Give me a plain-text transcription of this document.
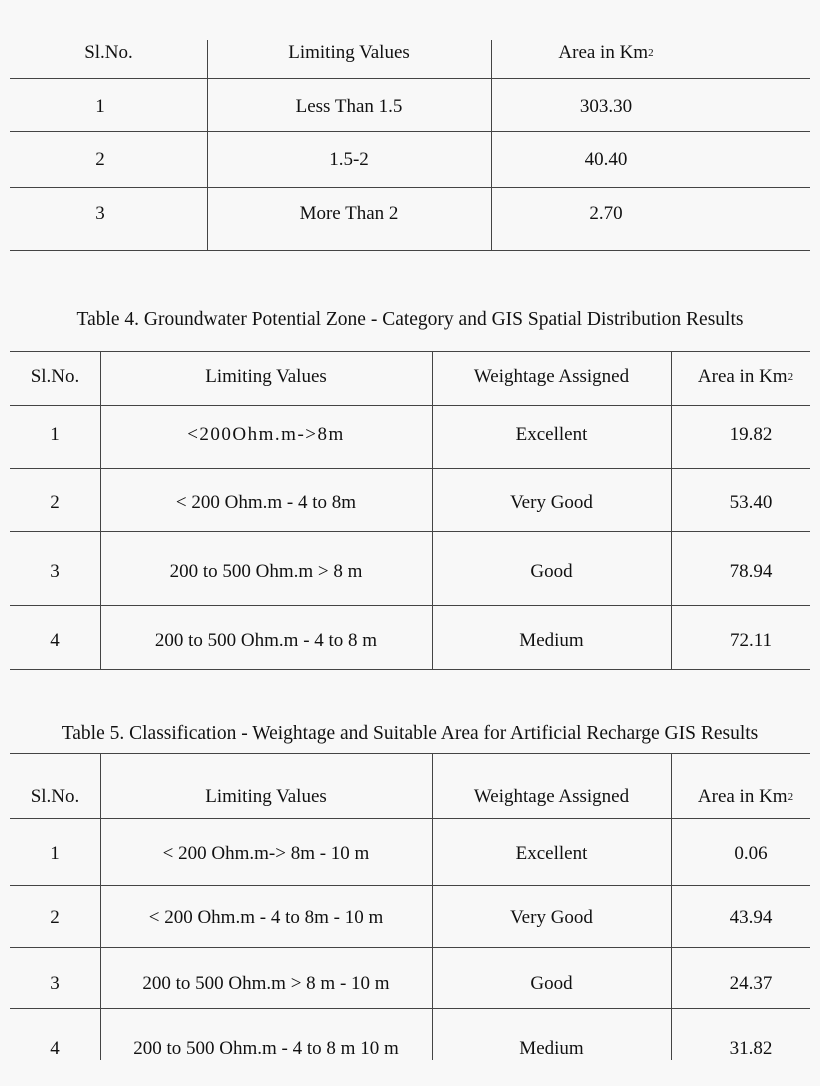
Sl.No.	Limiting Values	Area in Km 2
1	Less Than 1.5	303.30
2	1.5-2	40.40
3	More Than 2	2.70
Table 4. Groundwater Potential Zone - Category and GIS Spatial Distribution Results
Sl.No.	Limiting Values	Weightage Assigned	Area in Km 2
1	<200Ohm.m->8m	Excellent	19.82
2	< 200 Ohm.m - 4 to 8m	Very Good	53.40
3	200 to 500 Ohm.m > 8 m	Good	78.94
4	200 to 500 Ohm.m - 4 to 8 m	Medium	72.11
Table 5. Classification - Weightage and Suitable Area for Artificial Recharge GIS Results
Sl.No.	Limiting Values	Weightage Assigned	Area in Km 2
1	< 200 Ohm.m-> 8m - 10 m	Excellent	0.06
2	< 200 Ohm.m - 4 to 8m - 10 m	Very Good	43.94
3	200 to 500 Ohm.m > 8 m - 10 m	Good	24.37
4	200 to 500 Ohm.m - 4 to 8 m 10 m	Medium	31.82
